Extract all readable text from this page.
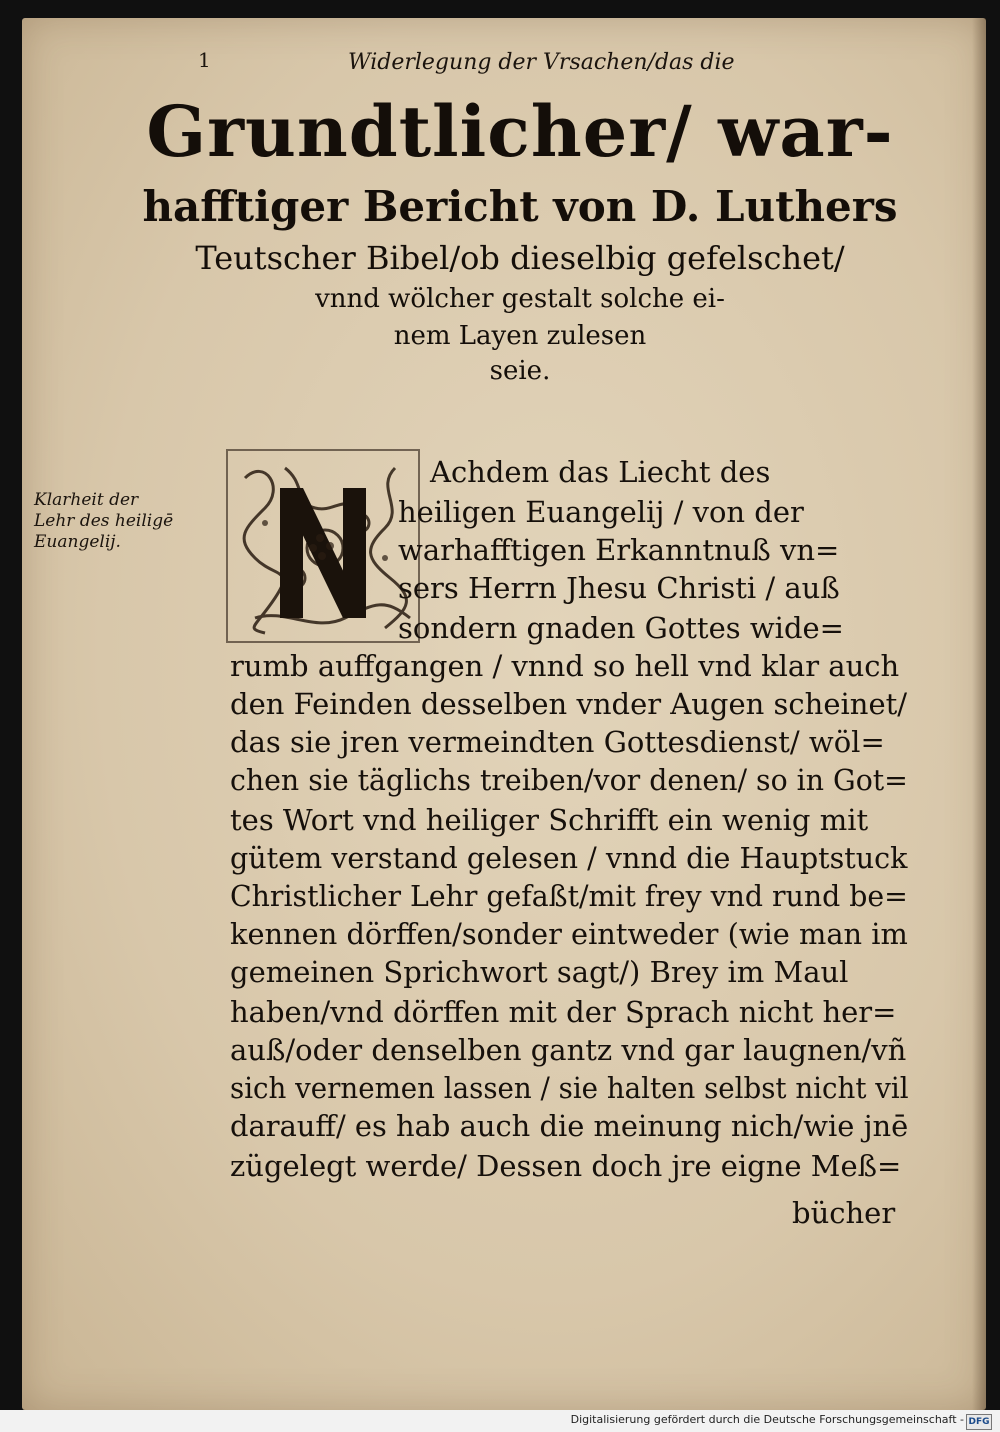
1	Widerlegung der Vrsachen/das die
Grundtlicher/ war-
hafftiger Bericht von D. Luthers
Teutscher Bibel/ob dieselbig gefelschet/
vnnd wölcher gestalt solche ei-
nem Layen zulesen
seie.
Klarheit der
Lehr des heiligē
Euangelij.
Achdem das Liecht des
heiligen Euangelij / von der
warhafftigen Erkanntnuß vn=
sers Herrn Jhesu Christi / auß
sondern gnaden Gottes wide=
rumb auffgangen / vnnd so hell vnd klar auch
den Feinden desselben vnder Augen scheinet/
das sie jren vermeindten Gottesdienst/ wöl=
chen sie täglichs treiben/vor denen/ so in Got=
tes Wort vnd heiliger Schrifft ein wenig mit
gütem verstand gelesen / vnnd die Hauptstuck
Christlicher Lehr gefaßt/mit frey vnd rund be=
kennen dörffen/sonder eintweder (wie man im
gemeinen Sprichwort sagt/) Brey im Maul
haben/vnd dörffen mit der Sprach nicht her=
auß/oder denselben gantz vnd gar laugnen/vñ
sich vernemen lassen / sie halten selbst nicht vil
darauff/ es hab auch die meinung nich/wie jnē
zügelegt werde/ Dessen doch jre eigne Meß=
bücher
Digitalisierung gefördert durch die Deutsche Forschungsgemeinschaft - DFG
